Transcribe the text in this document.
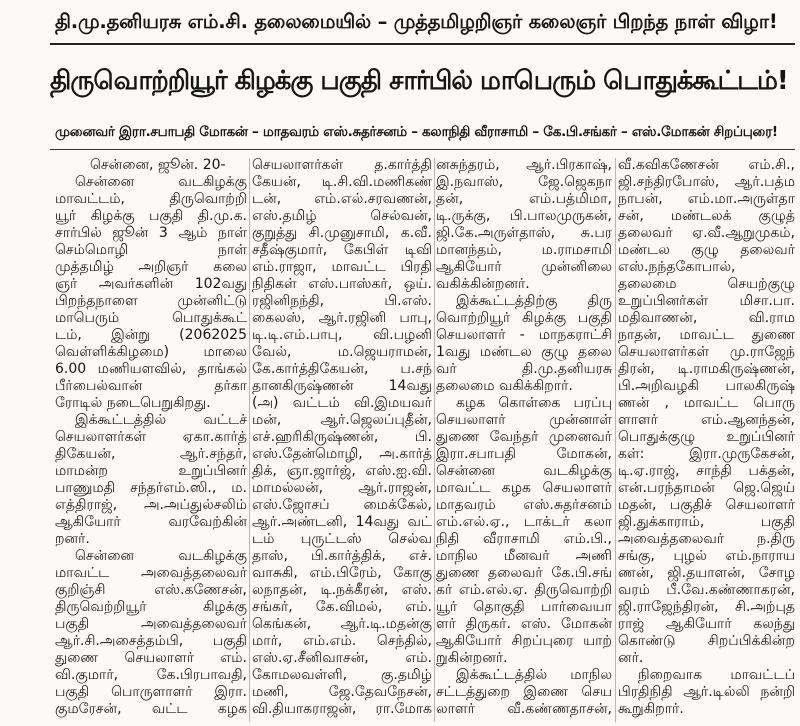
தி.மு.தனியரசு எம்.சி. தலைமையில் – முத்தமிழறிஞர் கலைஞர் பிறந்த நாள் விழா!
திருவொற்றியூர் கிழக்கு பகுதி சார்பில் மாபெரும் பொதுக்கூட்டம்!
முனைவர் இரா.சபாபதி மோகன் – மாதவரம் எஸ்.சுதர்சனம் – கலாநிதி வீராசாமி – கே.பி.சங்கர் – எஸ்.மோகன் சிறப்புரை!
சென்னை, ஜூன். 20-
சென்னை வடகிழக்கு
மாவட்டம், திருவொற்றி
யூர் கிழக்கு பகுதி தி.மு.க.
சார்பில் ஜூன் 3 ஆம் நாள்
செம்மொழி நாள்
முத்தமிழ் அறிஞர் கலை
ஞர் அவர்களின் 102வது
பிறந்தநாளை முன்னிட்டு
மாபெரும் பொதுக்கூட்
டம், இன்று (2062025
வெள்ளிக்கிழமை) மாலை
6.00 மணியளவில், தாங்கல்
பீர்பைல்வான் தர்கா
ரோடில் நடைபெறுகிறது.
இக்கூட்டத்தில் வட்டச்
செயலாளர்கள் ஏகா.கார்த்
திகேயன், ஆர்.சந்தர்,
மாமன்ற உறுப்பினர்
பாணுமதி சந்தர்எம்.ஸி., ம.
எத்திராஜ், அ.அப்துல்சலிம்
ஆகியோர் வரவேற்கின்
றனர்.
சென்னை வடகிழக்கு
மாவட்ட அவைத்தலைவர்
குறிஞ்சி எஸ்.கணேசன்,
திருவெற்றியூர் கிழக்கு
பகுதி அவைத்தலைவர்
ஆர்.சி.அசைத்தம்பி, பகுதி
துணை செயலாளர் எம்.
வி.குமார், கே.பிரபாவதி,
பகுதி பொருளாளர் இரா.
குமரேசன், வட்ட கழக
செயலாளர்கள் த.கார்த்தி
கேயன், டி.சி.வி.மணிகண்
டன், எம்.எல்.சரவணன்,
எஸ்.தமிழ் செல்வன்,
குறுத்து சி.முனுசாமி, க.வீ.
சதீஷ்குமார், கேபிள் டிவி
எம்.ராஜா, மாவட்ட பிரதி
நிதிகள் எஸ்.பாஸ்கர், ஒய்.
ரஜினிநந்தி, பி.எஸ்.
கைலஸ், ஆர்.ரஜினி பாபு,
டி.டி.எம்.பாபு, வி.பழனி
வேல், ம.ஜெயராமன்,
கே.கார்த்திகேயன், ப.சந்
தானகிருஷ்ணன் 14வது
(அ) வட்டம் வி.இமயவர்
மன், ஆர்.ஜெலப்புதீன்,
எச்.ஹரிகிருஷ்ணன், பி.
எஸ்.தேன்மொழி, அ.கார்த்
திக், ஞா.ஜார்ஜ், எஸ்.ஐ.வி.
மாமல்லன், ஆர்.ராஜன்,
எஸ்.ஜோசப் மைக்கேல்,
ஆர்.அண்டனி, 14வது வட்
டம் புருட்டஸ் செல்வ
தாஸ், பி.கார்த்திக், எச்.
வாசுகி, எம்.பிரேம், கோகு
லநாதன், டி.நக்கீரன், எஸ்.
சங்கர், கே.விமல், எம்.
கெங்கன், ஆர்.டி.மதன்கு
மார், எம்.எம். செந்தில்,
எஸ்.ஏ.சீனிவாசன், எம்.
கோமலவள்ளி, கு.தமிழ்
மணி, ஜே.தேவநேசன்,
வி.தியாகராஜன், ரா.மோக
னசுந்தரம், ஆர்.பிரகாஷ்,
இ.நவாஸ், ஜே.ஜெகநா
தன், எம்.பத்மிமா,
டி.ருக்கு, பி.பாலமுருகன்,
ஜி.கே.அருள்தாஸ், சு.பர
மானந்தம், ம.ராமசாமி
ஆகியோர் முன்னிலை
வகிக்கின்றனர்.
இக்கூட்டத்திற்கு திரு
வொற்றியூர் கிழக்கு பகுதி
செயலாளர் - மாநகராட்சி
1வது மண்டல குழு தலை
வர் தி.மு.தனியரசு
தலைமை வகிக்கிறார்.
கழக கொள்கை பரப்பு
செயலாளர் முன்னாள்
துணை வேந்தர் முனைவர்
இரா.சபாபதி மோகன்,
சென்னை வடகிழக்கு
மாவட்ட கழக செயலாளர்
மாதவரம் எஸ்.சுதர்சனம்
எம்.எல்.ஏ., டாக்டர் கலா
நிதி வீராசாமி எம்.பி.,
மாநில மீனவர் அணி
துணை தலைவர் கே.பி.சங்
கர் எம்.எல்.ஏ. திருவொற்றி
யூர் தொகுதி பார்வையா
ளர் திருகர். எஸ். மோகன்
ஆகியோர் சிறப்புரை யாற்
றுகின்றனர்.
இக்கூட்டத்தில் மாநில
சட்டத்துறை இணை செய
லாளர் வீ.கண்ணதாசன்,
வீ.கவிகணேசன் எம்.சி.,
ஜி.சந்திரபோஸ், ஆர்.பத்ம
நாபன், எம்.மா.அருள்தா
சன், மண்டலக் குழுத்
தலைவர் ஏ.வீ.ஆறுமுகம்,
மண்டல குழு தலைவர்
எஸ்.நந்தகோபால்,
தலைமை செயற்குழு
உறுப்பினர்கள் மிசா.பா.
மதிவாணன், வி.ராம
நாதன், மாவட்ட துணை
செயலாளர்கள் மு.ராஜேந்
திரன், டி.ராமகிருஷ்ணன்,
பி.அறிவழகி பாலகிருஷ்
ணன் , மாவட்ட பொரு
ளாளர் எம்.ஆனந்தன்,
பொதுக்குழு உறுப்பினர்
கள்: இரா.முருகேசன்,
டி.ஏ.ராஜ், சாந்தி பக்தன்,
என்.பரந்தாமன் ஜெ.ஜெய்
மதன், பகுதிச் செயலாளர்
ஜி.துக்காராம், பகுதி
அவைத்தலைவர் ந.திரு
சங்கு, புழல் எம்.நாராய
ணன், ஜி.தயாளன், சோழ
வரம் பீ.வே.கண்ணாகரன்,
ஜி.ராஜேந்திரன், சி.அற்புத
ராஜ் ஆகியோர் கலந்து
கொண்டு சிறப்பிக்கின்ற
னர்.
நிறைவாக மாவட்டப்
பிரதிநிதி ஆர்.டில்லி நன்றி
கூறுகிறார்.
